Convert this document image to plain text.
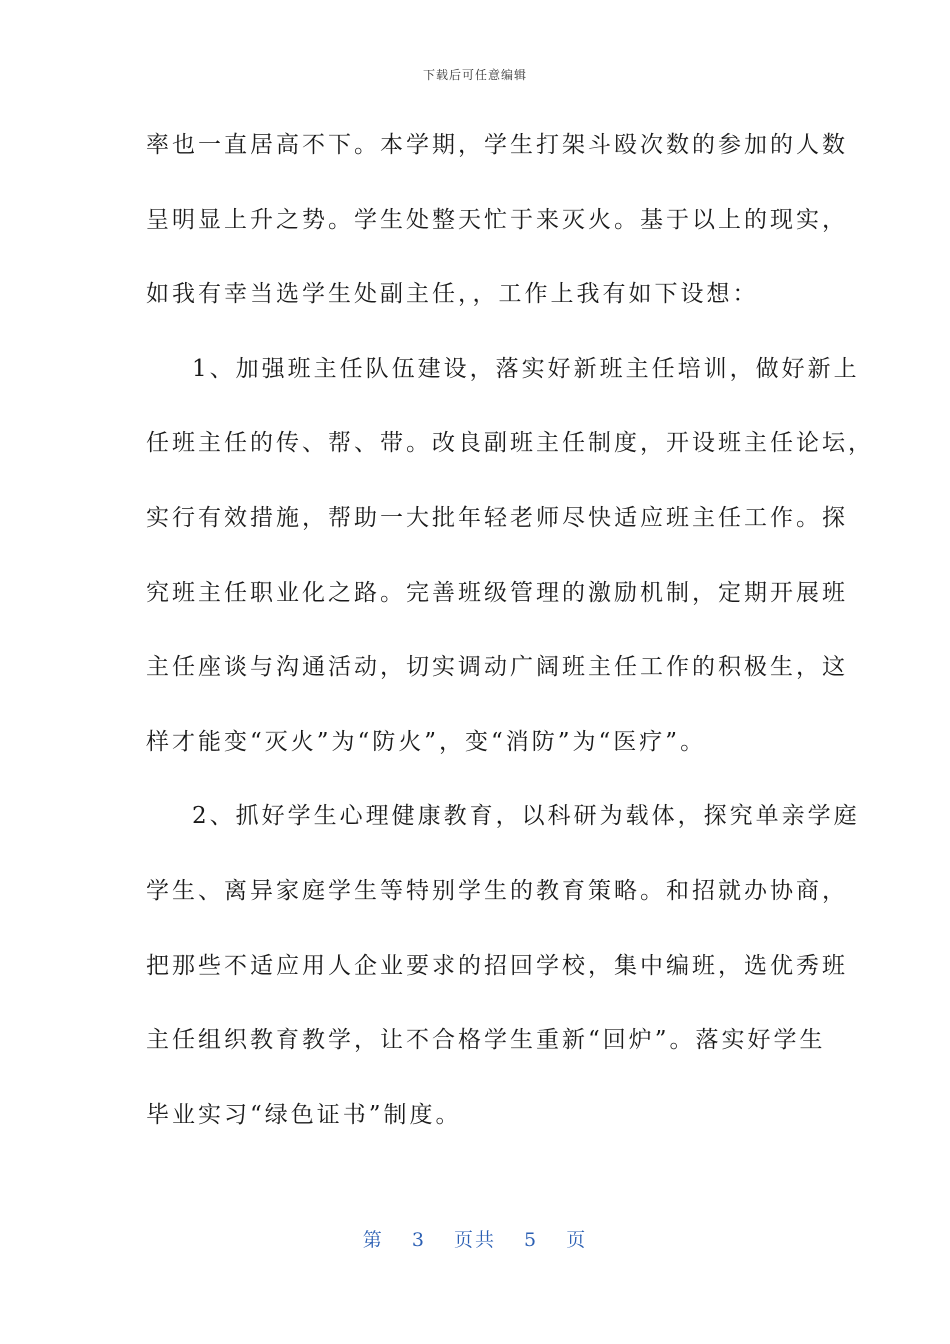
下载后可任意编辑
率也一直居高不下。本学期，学生打架斗殴次数的参加的人数
呈明显上升之势。学生处整天忙于来灭火。基于以上的现实，
如我有幸当选学生处副主任，，工作上我有如下设想：
1、加强班主任队伍建设，落实好新班主任培训，做好新上
任班主任的传、帮、带。改良副班主任制度，开设班主任论坛，
实行有效措施，帮助一大批年轻老师尽快适应班主任工作。探
究班主任职业化之路。完善班级管理的激励机制，定期开展班
主任座谈与沟通活动，切实调动广阔班主任工作的积极生，这
样才能变“灭火”为“防火”，变“消防”为“医疗”。
2、抓好学生心理健康教育，以科研为载体，探究单亲学庭
学生、离异家庭学生等特别学生的教育策略。和招就办协商，
把那些不适应用人企业要求的招回学校，集中编班，选优秀班
主任组织教育教学，让不合格学生重新“回炉”。落实好学生
毕业实习“绿色证书”制度。
第 3 页共 5 页
